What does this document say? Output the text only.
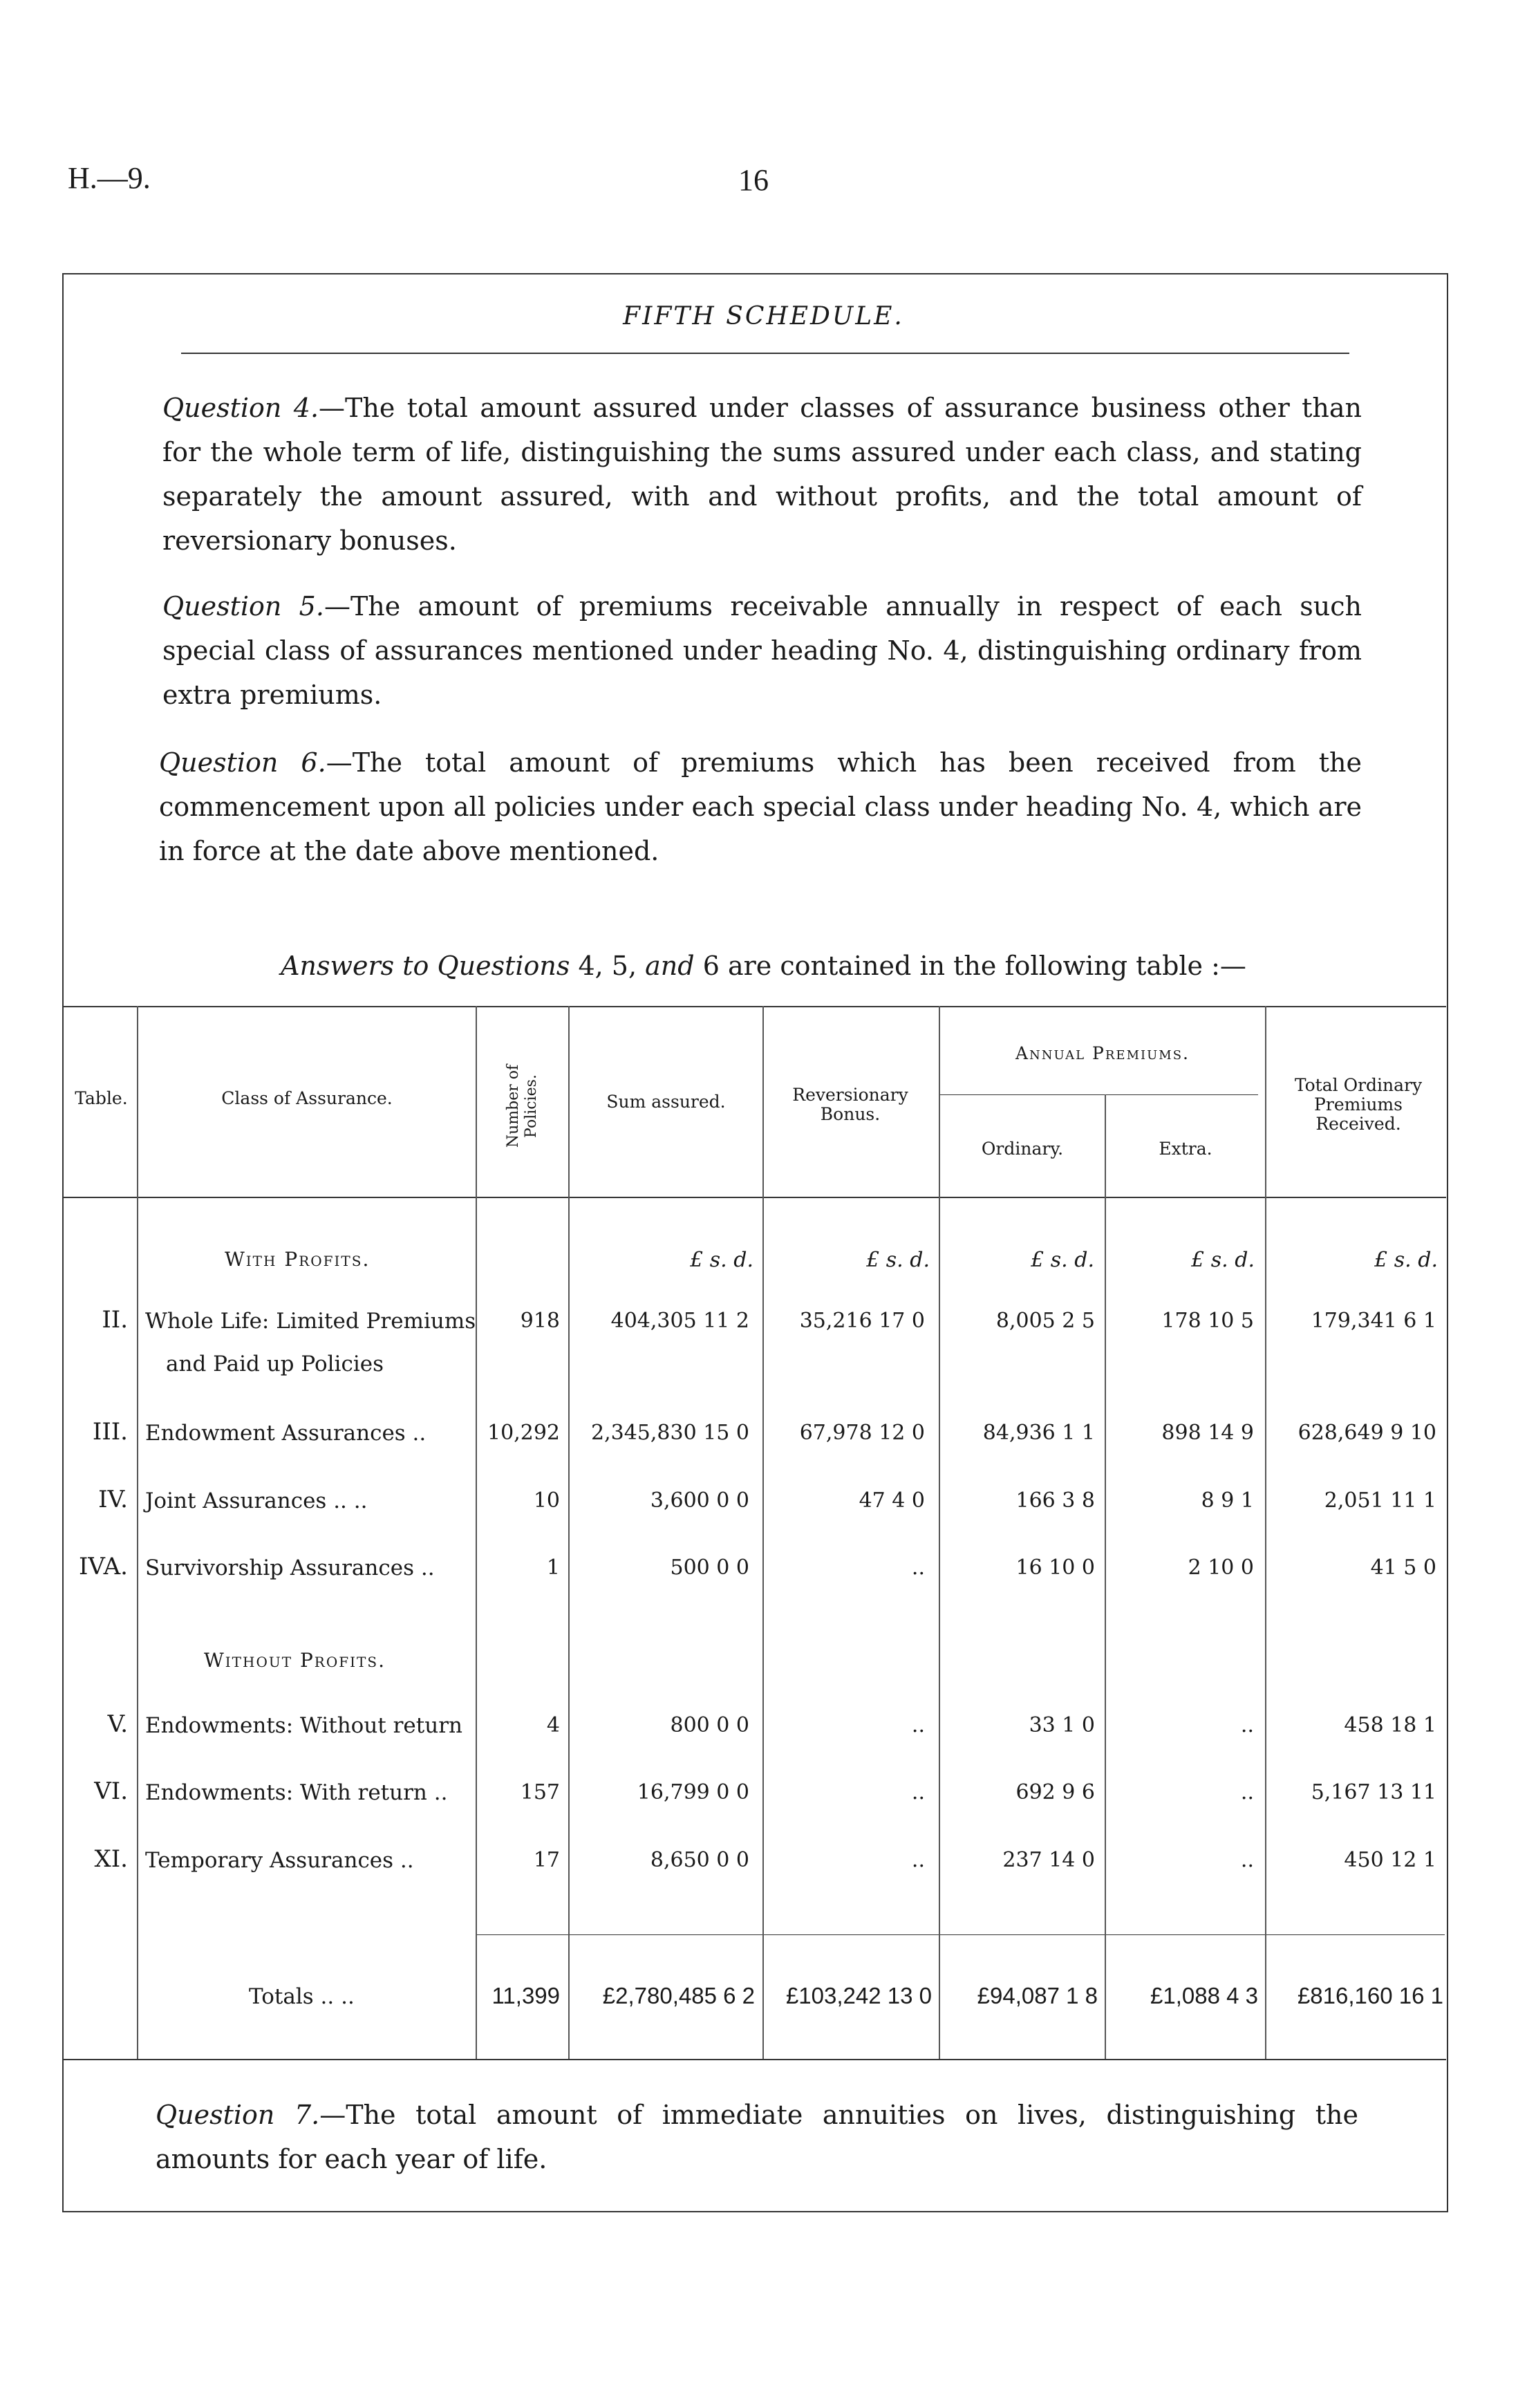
H.—9.	16
FIFTH SCHEDULE.
Question 4.—The total amount assured under classes of assurance business other than for the whole term of life, distinguishing the sums assured under each class, and stating separately the amount assured, with and without profits, and the total amount of reversionary bonuses.
Question 5.—The amount of premiums receivable annually in respect of each such special class of assurances mentioned under heading No. 4, distinguishing ordinary from extra premiums.
Question 6.—The total amount of premiums which has been received from the commencement upon all policies under each special class under heading No. 4, which are in force at the date above mentioned.
Answers to Questions 4, 5, and 6 are contained in the following table :—
Table.	Class of Assurance.	Number of Policies.	Sum assured.	Reversionary Bonus.
Annual Premiums.
Ordinary.	Extra.
Total Ordinary Premiums Received.
£ s. d.	£ s. d.	£ s. d.	£ s. d.	£ s. d.
With Profits.
Without Profits.
II. Whole Life: Limited Premiums
and Paid up Policies
918	404,305 11 2	35,216 17 0	8,005 2 5	178 10 5	179,341 6 1
III. Endowment Assurances ..	10,292	2,345,830 15 0	67,978 12 0	84,936 1 1	898 14 9	628,649 9 10
IV. Joint Assurances .. ..	10	3,600 0 0	47 4 0	166 3 8	8 9 1	2,051 11 1
IVA. Survivorship Assurances ..	1	500 0 0	..	16 10 0	2 10 0	41 5 0
V. Endowments: Without return	4	800 0 0	..	33 1 0	..	458 18 1
VI. Endowments: With return ..	157	16,799 0 0	..	692 9 6	..	5,167 13 11
XI. Temporary Assurances ..	17	8,650 0 0	..	237 14 0	..	450 12 1
Totals .. ..	11,399	£2,780,485 6 2	£103,242 13 0	£94,087 1 8	£1,088 4 3	£816,160 16 1
Question 7.—The total amount of immediate annuities on lives, distinguishing the amounts for each year of life.
